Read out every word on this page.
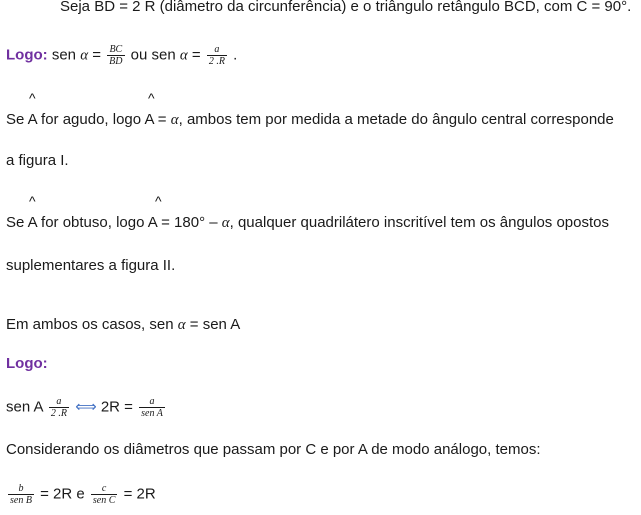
Seja BD = 2 R (diâmetro da circunferência) e o triângulo retângulo BCD, com C = 90°.
Logo: sen $\alpha = \frac{BC}{BD}$ ou sen $\alpha = \frac{a}{2 .R}$ .
^	^
Se A for agudo, logo A = α, ambos tem por medida a metade do ângulo central corresponde
a figura I.
^	^
Se A for obtuso, logo A = 180° – α, qualquer quadrilátero inscritível tem os ângulos opostos
suplementares a figura II.
Em ambos os casos, sen α = sen A
Logo:
sen A $\frac{a}{2 .R}$ ⟺ $2R = \frac{a}{\text{sen A}}$
Considerando os diâmetros que passam por C e por A de modo análogo, temos:
$\frac{b}{\text{sen B}} = 2R$ e $\frac{c}{\text{sen C}} = 2R$
